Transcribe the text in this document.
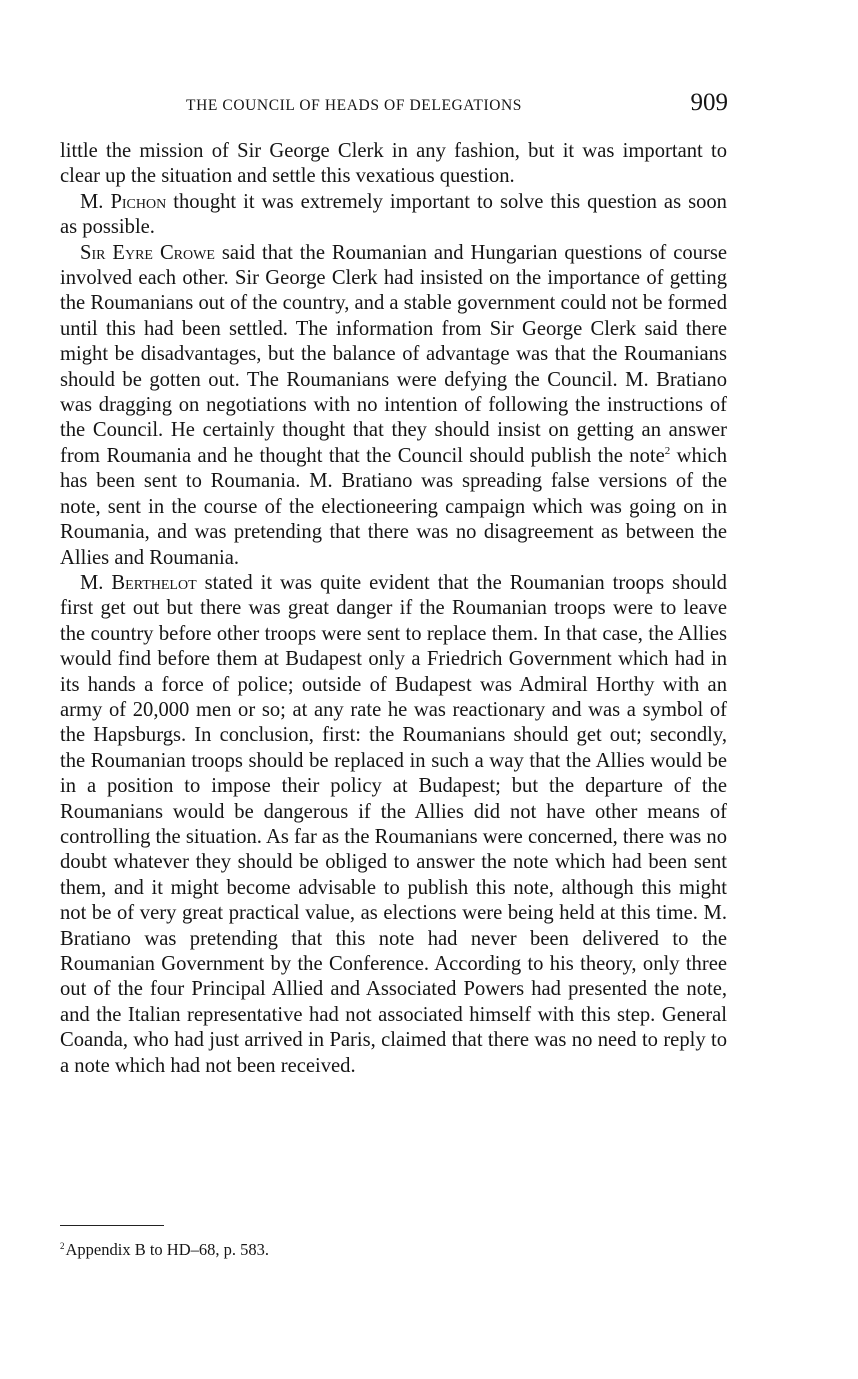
THE COUNCIL OF HEADS OF DELEGATIONS	909

little the mission of Sir George Clerk in any fashion, but it was important to clear up the situation and settle this vexatious question.

M. Pichon thought it was extremely important to solve this question as soon as possible.

Sir Eyre Crowe said that the Roumanian and Hungarian questions of course involved each other. Sir George Clerk had insisted on the importance of getting the Roumanians out of the country, and a stable government could not be formed until this had been settled. The information from Sir George Clerk said there might be disadvantages, but the balance of advantage was that the Roumanians should be gotten out. The Roumanians were defying the Council. M. Bratiano was dragging on negotiations with no intention of following the instructions of the Council. He certainly thought that they should insist on getting an answer from Roumania and he thought that the Council should publish the note$^2$ which has been sent to Roumania. M. Bratiano was spreading false versions of the note, sent in the course of the electioneering campaign which was going on in Roumania, and was pretending that there was no disagreement as between the Allies and Roumania.

M. Berthelot stated it was quite evident that the Roumanian troops should first get out but there was great danger if the Roumanian troops were to leave the country before other troops were sent to replace them. In that case, the Allies would find before them at Budapest only a Friedrich Government which had in its hands a force of police; outside of Budapest was Admiral Horthy with an army of 20,000 men or so; at any rate he was reactionary and was a symbol of the Hapsburgs. In conclusion, first: the Roumanians should get out; secondly, the Roumanian troops should be replaced in such a way that the Allies would be in a position to impose their policy at Budapest; but the departure of the Roumanians would be dangerous if the Allies did not have other means of controlling the situation. As far as the Roumanians were concerned, there was no doubt whatever they should be obliged to answer the note which had been sent them, and it might become advisable to publish this note, although this might not be of very great practical value, as elections were being held at this time. M. Bratiano was pretending that this note had never been delivered to the Roumanian Government by the Conference. According to his theory, only three out of the four Principal Allied and Associated Powers had presented the note, and the Italian representative had not associated himself with this step. General Coanda, who had just arrived in Paris, claimed that there was no need to reply to a note which had not been received.

$^2$Appendix B to HD–68, p. 583.
